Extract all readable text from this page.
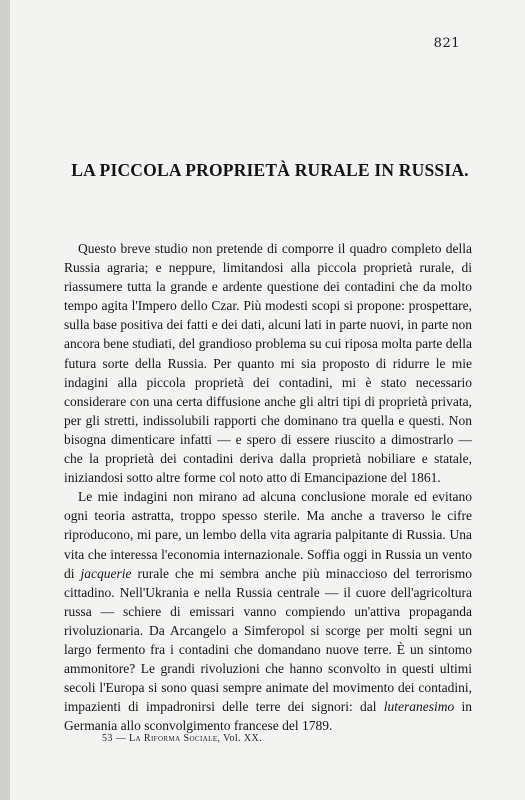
821
LA PICCOLA PROPRIETÀ RURALE IN RUSSIA.

Questo breve studio non pretende di comporre il quadro completo della Russia agraria; e neppure, limitandosi alla piccola proprietà rurale, di riassumere tutta la grande e ardente questione dei contadini che da molto tempo agita l'Impero dello Czar. Più modesti scopi si propone: prospettare, sulla base positiva dei fatti e dei dati, alcuni lati in parte nuovi, in parte non ancora bene studiati, del grandioso problema su cui riposa molta parte della futura sorte della Russia. Per quanto mi sia proposto di ridurre le mie indagini alla piccola proprietà dei contadini, mi è stato necessario considerare con una certa diffusione anche gli altri tipi di proprietà privata, per gli stretti, indissolubili rapporti che dominano tra quella e questi. Non bisogna dimenticare infatti — e spero di essere riuscito a dimostrarlo — che la proprietà dei contadini deriva dalla proprietà nobiliare e statale, iniziandosi sotto altre forme col noto atto di Emancipazione del 1861.

Le mie indagini non mirano ad alcuna conclusione morale ed evitano ogni teoria astratta, troppo spesso sterile. Ma anche a traverso le cifre riproducono, mi pare, un lembo della vita agraria palpitante di Russia. Una vita che interessa l'economia internazionale. Soffia oggi in Russia un vento di jacquerie rurale che mi sembra anche più minaccioso del terrorismo cittadino. Nell'Ukrania e nella Russia centrale — il cuore dell'agricoltura russa — schiere di emissari vanno compiendo un'attiva propaganda rivoluzionaria. Da Arcangelo a Simferopol si scorge per molti segni un largo fermento fra i contadini che domandano nuove terre. È un sintomo ammonitore? Le grandi rivoluzioni che hanno sconvolto in questi ultimi secoli l'Europa si sono quasi sempre animate del movimento dei contadini, impazienti di impadronirsi delle terre dei signori: dal luteranesimo in Germania allo sconvolgimento francese del 1789.

53 — La Riforma Sociale, Vol. XX.
